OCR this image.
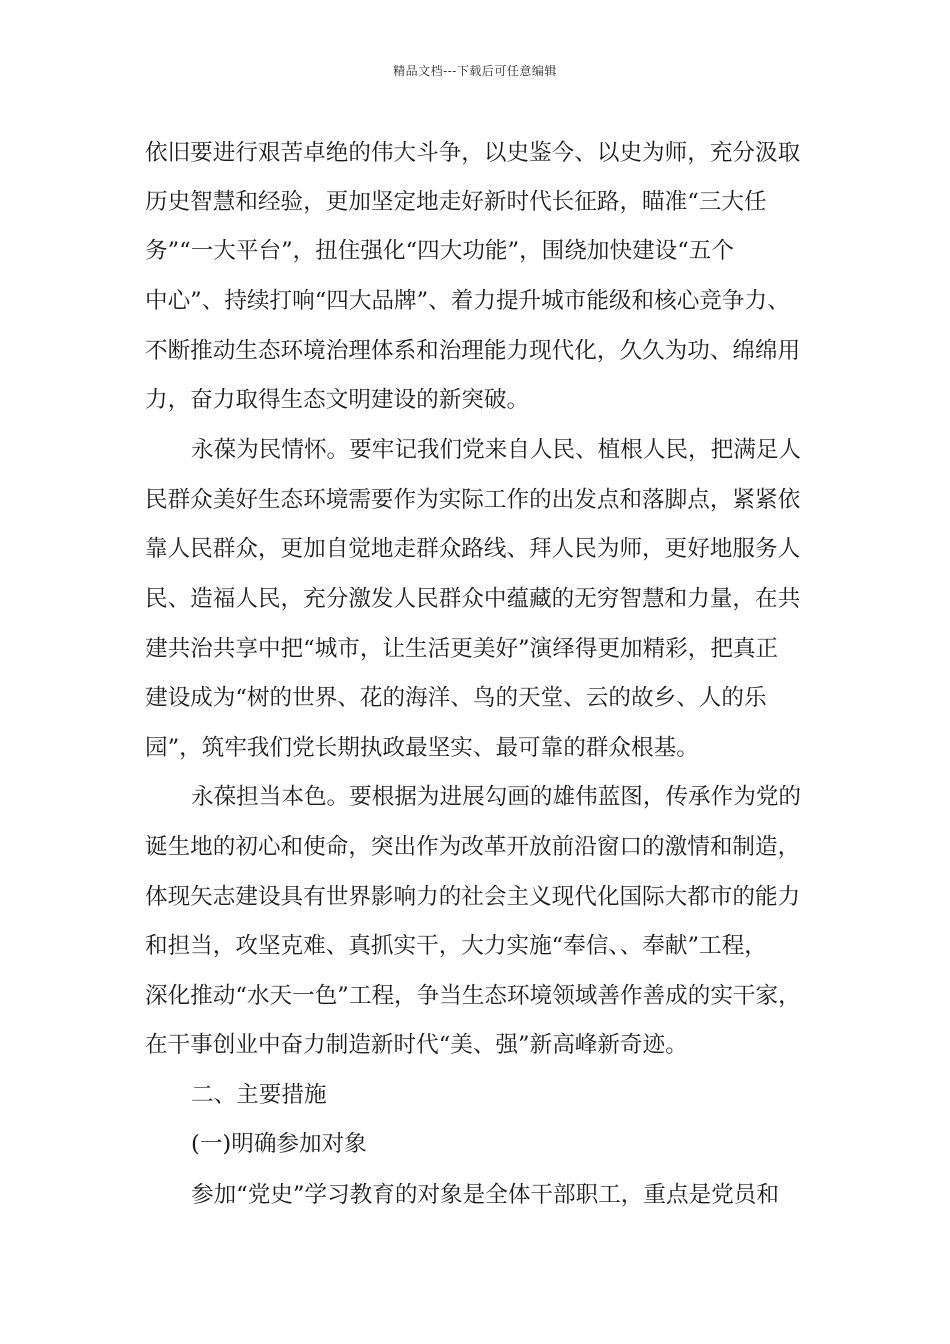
精品文档---下载后可任意编辑
依旧要进行艰苦卓绝的伟大斗争，以史鉴今、以史为师，充分汲取
历史智慧和经验，更加坚定地走好新时代长征路，瞄准“三大任
务”“一大平台”，扭住强化“四大功能”，围绕加快建设“五个
中心”、持续打响“四大品牌”、着力提升城市能级和核心竞争力、
不断推动生态环境治理体系和治理能力现代化，久久为功、绵绵用
力，奋力取得生态文明建设的新突破。
永葆为民情怀。要牢记我们党来自人民、植根人民，把满足人
民群众美好生态环境需要作为实际工作的出发点和落脚点，紧紧依
靠人民群众，更加自觉地走群众路线、拜人民为师，更好地服务人
民、造福人民，充分激发人民群众中蕴藏的无穷智慧和力量，在共
建共治共享中把“城市，让生活更美好”演绎得更加精彩，把真正
建设成为“树的世界、花的海洋、鸟的天堂、云的故乡、人的乐
园”，筑牢我们党长期执政最坚实、最可靠的群众根基。
永葆担当本色。要根据为进展勾画的雄伟蓝图，传承作为党的
诞生地的初心和使命，突出作为改革开放前沿窗口的激情和制造，
体现矢志建设具有世界影响力的社会主义现代化国际大都市的能力
和担当，攻坚克难、真抓实干，大力实施“奉信、、奉献”工程，
深化推动“水天一色”工程，争当生态环境领域善作善成的实干家，
在干事创业中奋力制造新时代“美、强”新高峰新奇迹。
二、主要措施
(一)明确参加对象
参加“党史”学习教育的对象是全体干部职工，重点是党员和
